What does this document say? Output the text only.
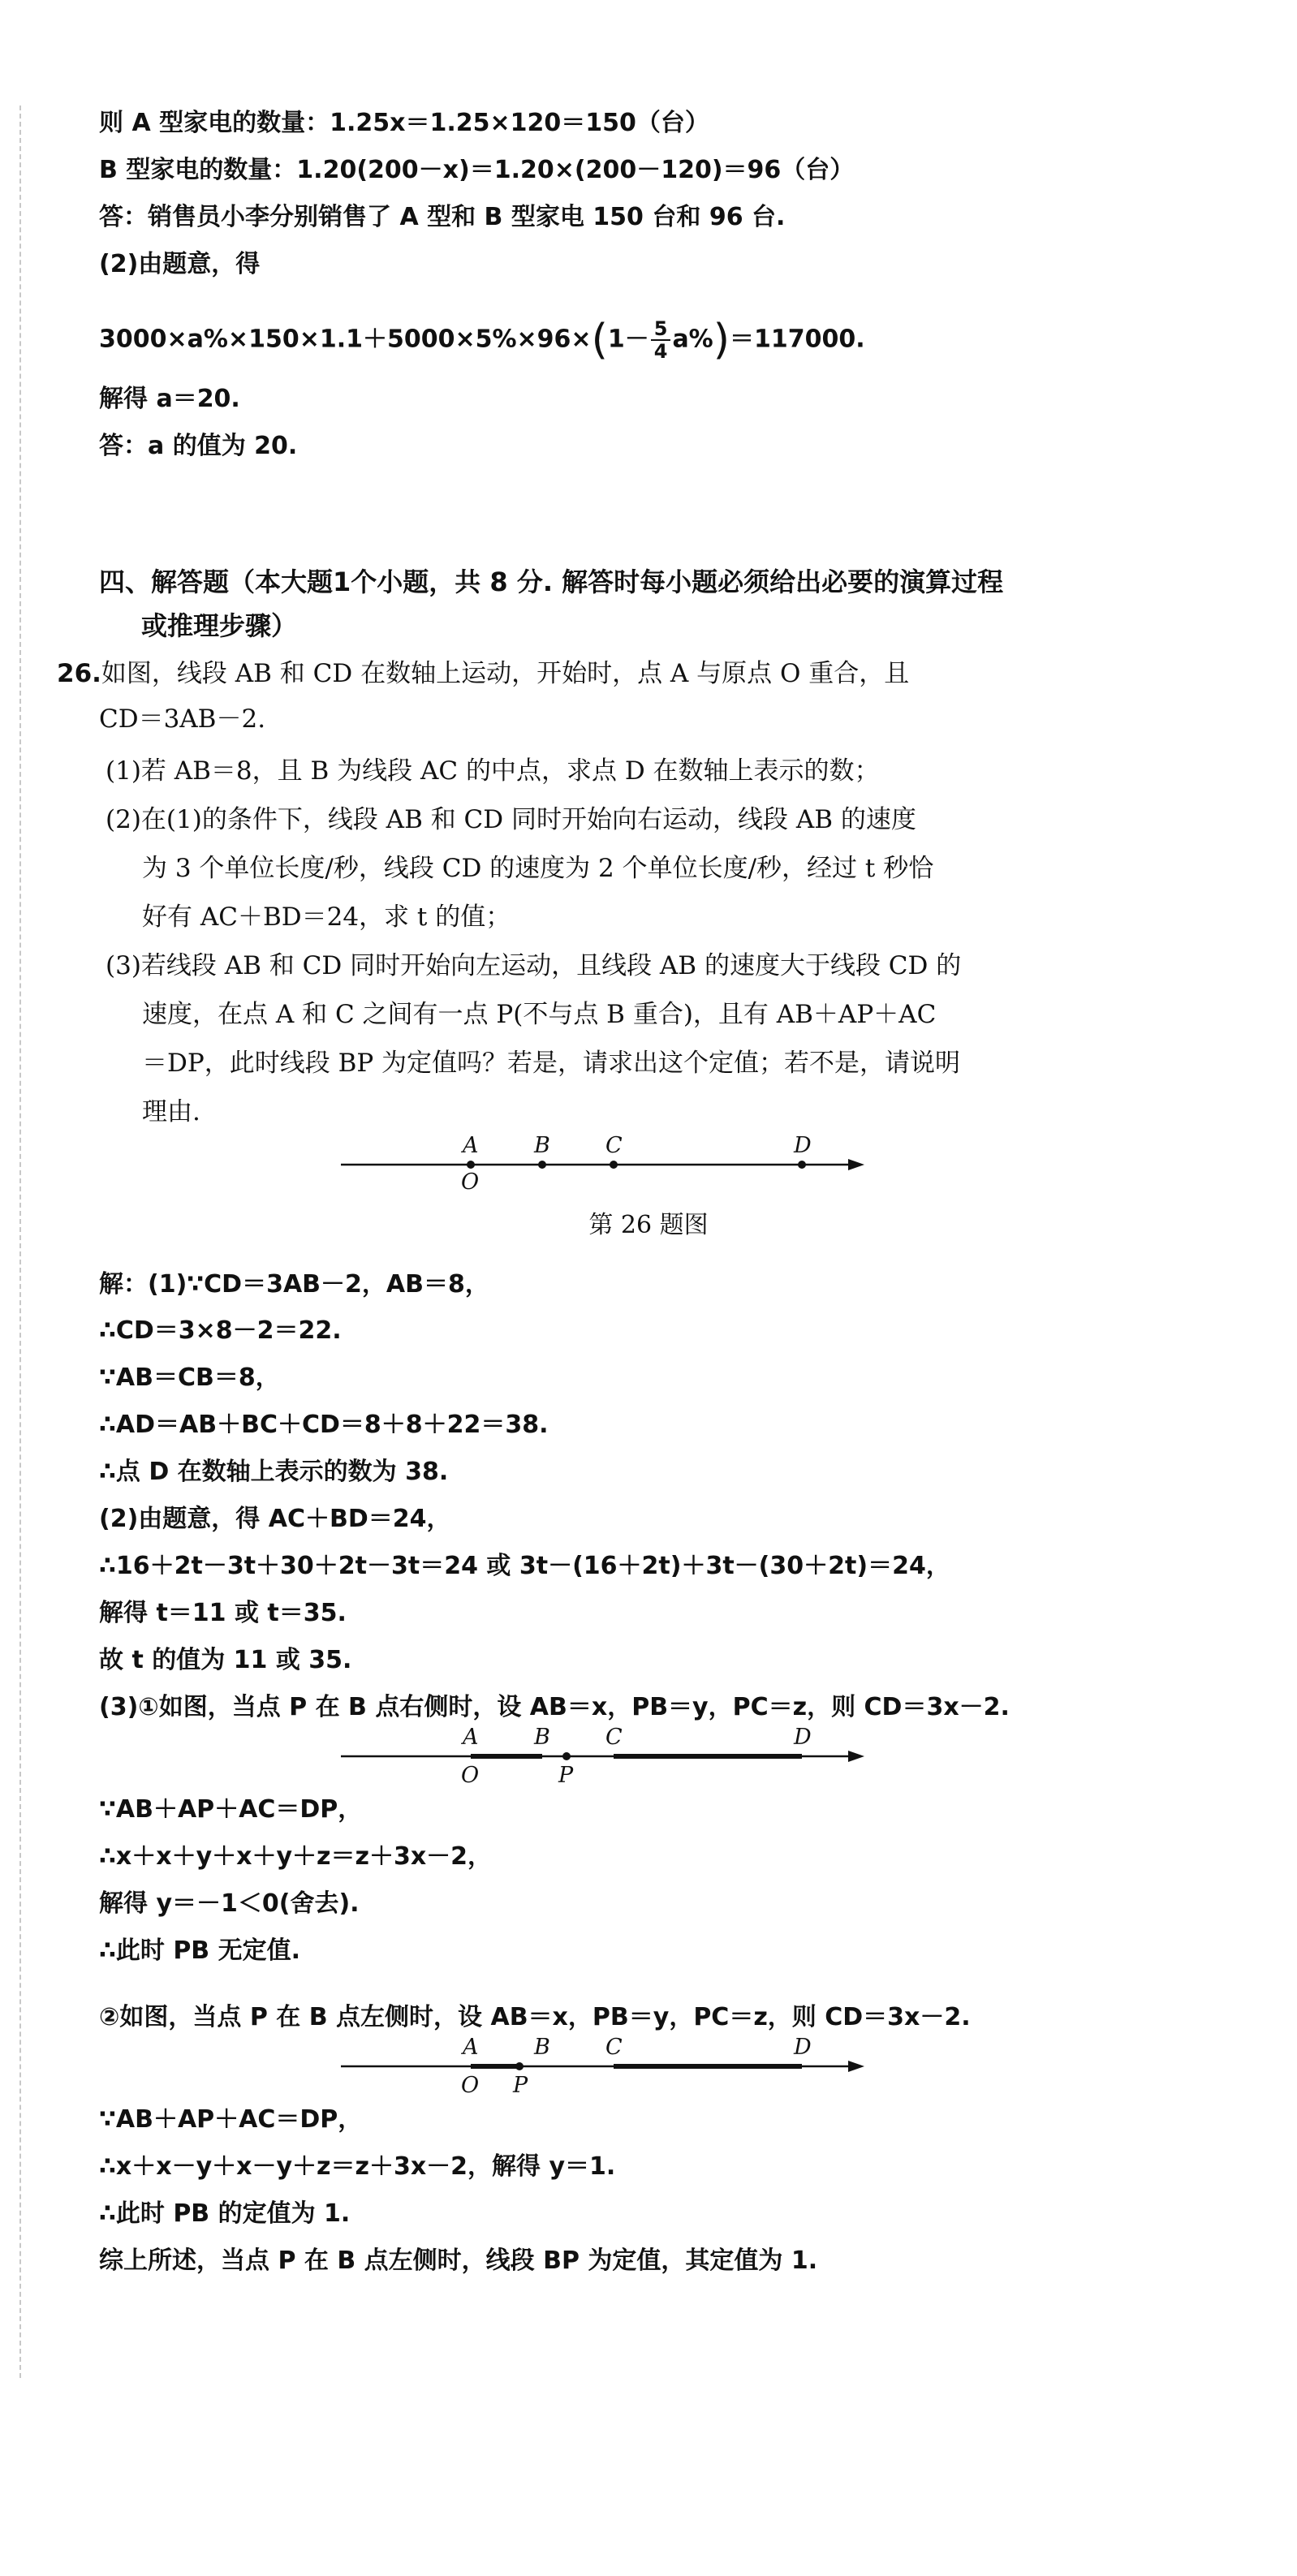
则 A 型家电的数量：1.25x＝1.25×120＝150（台）
B 型家电的数量：1.20(200－x)＝1.20×(200－120)＝96（台）
答：销售员小李分别销售了 A 型和 B 型家电 150 台和 96 台.
(2)由题意，得
$3000\times a\%\times 150\times 1.1+5000\times 5\%\times 96\times(1- \frac{5}{4} a\%)=117000$.
解得 a＝20.
答：a 的值为 20.
四、解答题（本大题1个小题，共 8 分. 解答时每小题必须给出必要的演算过程
或推理步骤）
26.如图，线段 AB 和 CD 在数轴上运动，开始时，点 A 与原点 O 重合，且
CD＝3AB－2.
(1)若 AB＝8，且 B 为线段 AC 的中点，求点 D 在数轴上表示的数；
(2)在(1)的条件下，线段 AB 和 CD 同时开始向右运动，线段 AB 的速度
为 3 个单位长度/秒，线段 CD 的速度为 2 个单位长度/秒，经过 t 秒恰
好有 AC＋BD＝24，求 t 的值；
(3)若线段 AB 和 CD 同时开始向左运动，且线段 AB 的速度大于线段 CD 的
速度，在点 A 和 C 之间有一点 P(不与点 B 重合)，且有 AB＋AP＋AC
＝DP，此时线段 BP 为定值吗？若是，请求出这个定值；若不是，请说明
理由.
A	B	C	D
O
第 26 题图
解：(1)∵CD＝3AB－2，AB＝8，
∴CD＝3×8－2＝22.
∵AB＝CB＝8，
∴AD＝AB＋BC＋CD＝8＋8＋22＝38.
∴点 D 在数轴上表示的数为 38.
(2)由题意，得 AC＋BD＝24，
∴16＋2t－3t＋30＋2t－3t＝24 或 3t－(16＋2t)＋3t－(30＋2t)＝24，
解得 t＝11 或 t＝35.
故 t 的值为 11 或 35.
(3)①如图，当点 P 在 B 点右侧时，设 AB＝x，PB＝y，PC＝z，则 CD＝3x－2.
A	B	C	D
O	P
∵AB＋AP＋AC＝DP，
∴x＋x＋y＋x＋y＋z＝z＋3x－2，
解得 y＝－1＜0(舍去).
∴此时 PB 无定值.
②如图，当点 P 在 B 点左侧时，设 AB＝x，PB＝y，PC＝z，则 CD＝3x－2.
A	B	C	D
O P
∵AB＋AP＋AC＝DP，
∴x＋x－y＋x－y＋z＝z＋3x－2，解得 y＝1.
∴此时 PB 的定值为 1.
综上所述，当点 P 在 B 点左侧时，线段 BP 为定值，其定值为 1.
